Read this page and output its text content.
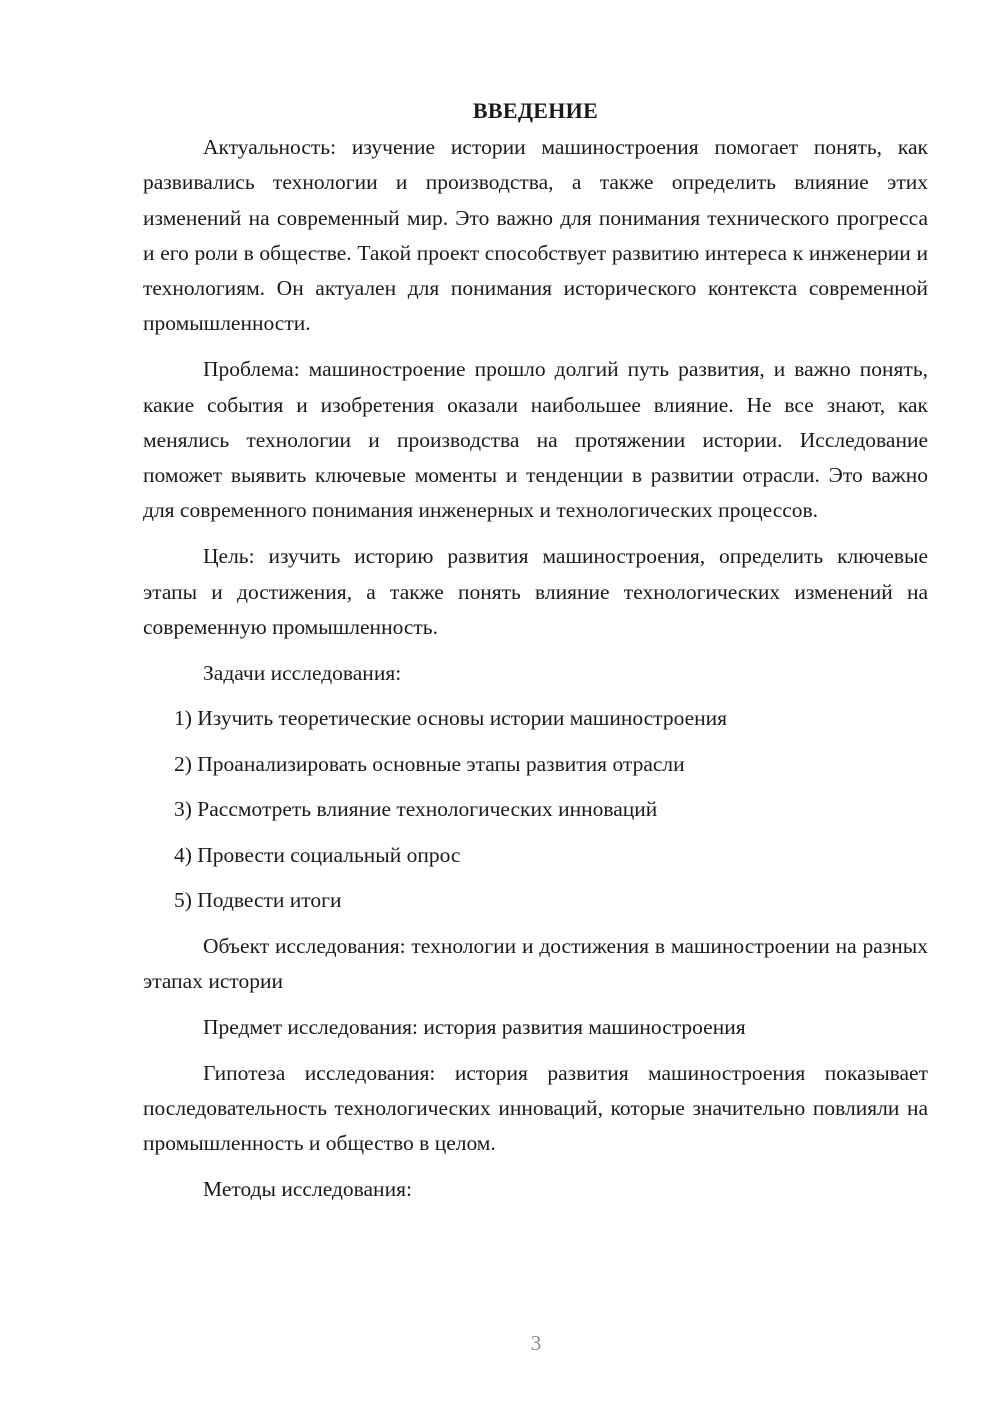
ВВЕДЕНИЕ

Актуальность: изучение истории машиностроения помогает понять, как развивались технологии и производства, а также определить влияние этих изменений на современный мир. Это важно для понимания технического прогресса и его роли в обществе. Такой проект способствует развитию интереса к инженерии и технологиям. Он актуален для понимания исторического контекста современной промышленности.

Проблема: машиностроение прошло долгий путь развития, и важно понять, какие события и изобретения оказали наибольшее влияние. Не все знают, как менялись технологии и производства на протяжении истории. Исследование поможет выявить ключевые моменты и тенденции в развитии отрасли. Это важно для современного понимания инженерных и технологических процессов.

Цель: изучить историю развития машиностроения, определить ключевые этапы и достижения, а также понять влияние технологических изменений на современную промышленность.

Задачи исследования:

1) Изучить теоретические основы истории машиностроения
2) Проанализировать основные этапы развития отрасли
3) Рассмотреть влияние технологических инноваций
4) Провести социальный опрос
5) Подвести итоги

Объект исследования: технологии и достижения в машиностроении на разных этапах истории

Предмет исследования: история развития машиностроения

Гипотеза исследования: история развития машиностроения показывает последовательность технологических инноваций, которые значительно повлияли на промышленность и общество в целом.

Методы исследования:

3
